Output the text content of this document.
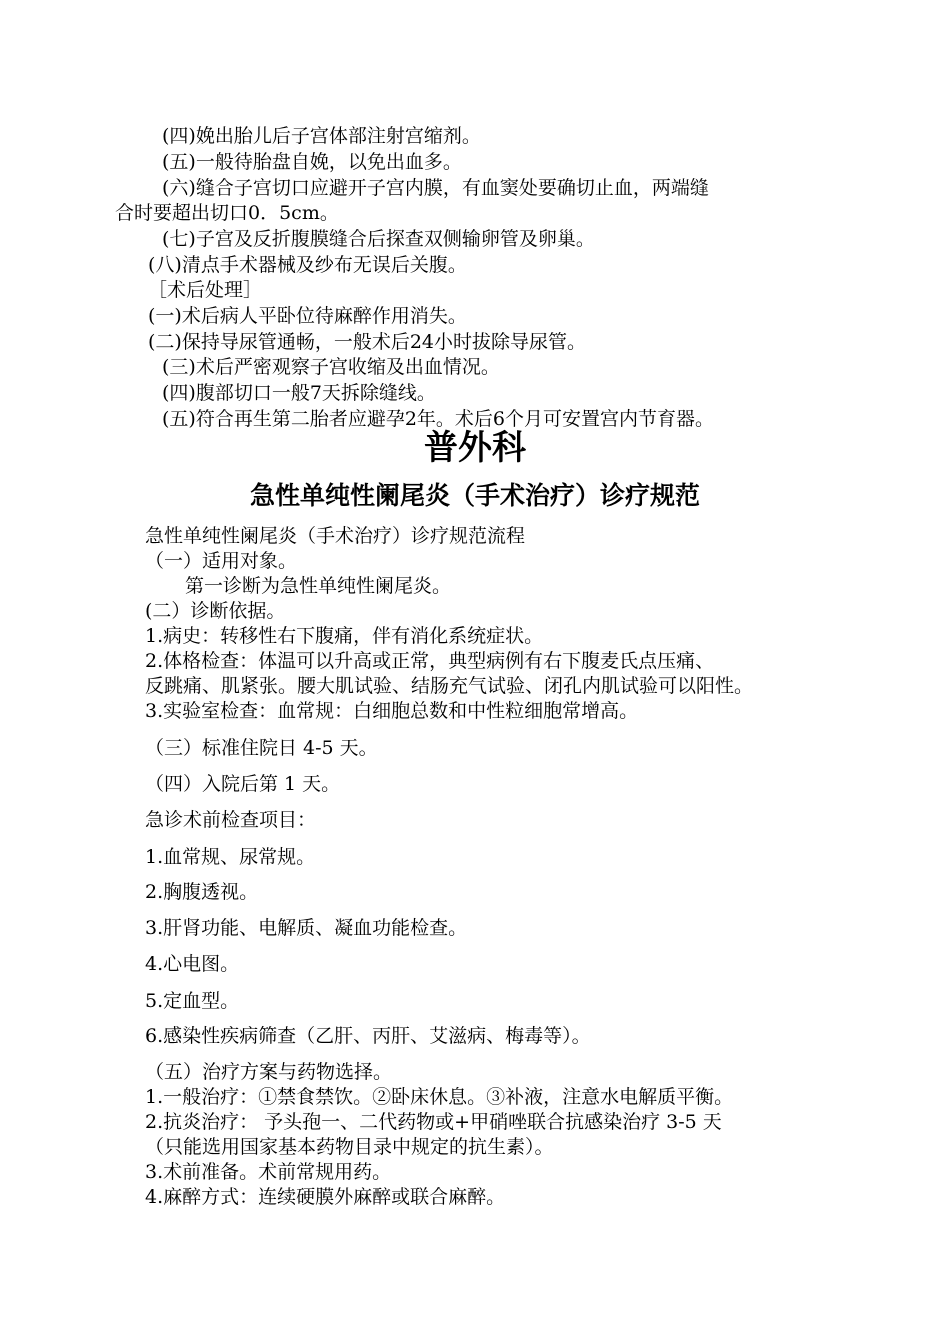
(四)娩出胎儿后子宫体部注射宫缩剂。
(五)一般待胎盘自娩，以免出血多。
(六)缝合子宫切口应避开子宫内膜，有血窦处要确切止血，两端缝
合时要超出切口0．5cm。
(七)子宫及反折腹膜缝合后探查双侧输卵管及卵巢。
(八)清点手术器械及纱布无误后关腹。
［术后处理］
(一)术后病人平卧位待麻醉作用消失。
(二)保持导尿管通畅，一般术后24小时拔除导尿管。
(三)术后严密观察子宫收缩及出血情况。
(四)腹部切口一般7天拆除缝线。
(五)符合再生第二胎者应避孕2年。术后6个月可安置宫内节育器。
普外科
急性单纯性阑尾炎（手术治疗）诊疗规范
急性单纯性阑尾炎（手术治疗）诊疗规范流程
（一）适用对象。
第一诊断为急性单纯性阑尾炎。
(二）诊断依据。
1.病史：转移性右下腹痛，伴有消化系统症状。
2.体格检查：体温可以升高或正常，典型病例有右下腹麦氏点压痛、
反跳痛、肌紧张。腰大肌试验、结肠充气试验、闭孔内肌试验可以阳性。
3.实验室检查：血常规：白细胞总数和中性粒细胞常增高。
（三）标准住院日 4-5 天。
（四）入院后第 1 天。
急诊术前检查项目：
1.血常规、尿常规。
2.胸腹透视。
3.肝肾功能、电解质、凝血功能检查。
4.心电图。
5.定血型。
6.感染性疾病筛查（乙肝、丙肝、艾滋病、梅毒等）。
（五）治疗方案与药物选择。
1.一般治疗：①禁食禁饮。②卧床休息。③补液，注意水电解质平衡。
2.抗炎治疗： 予头孢一、二代药物或+甲硝唑联合抗感染治疗 3-5 天
（只能选用国家基本药物目录中规定的抗生素）。
3.术前准备。术前常规用药。
4.麻醉方式：连续硬膜外麻醉或联合麻醉。
